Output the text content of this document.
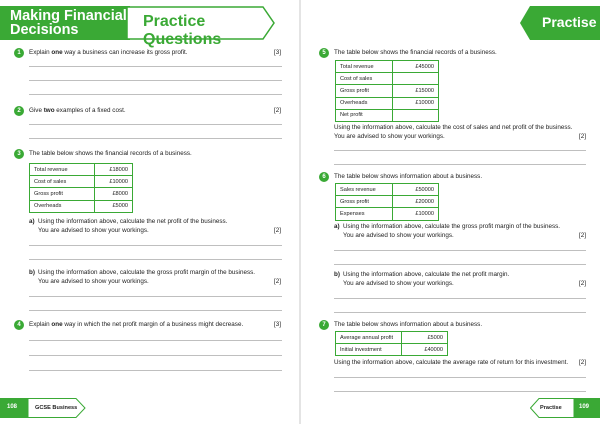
Making Financial
Decisions	Practice Questions
1	Explain one way a business can increase its gross profit.	[3]
2	Give two examples of a fixed cost.	[2]
3	The table below shows the financial records of a business.
Total revenue	£18000
Cost of sales	£10000
Gross profit	£8000
Overheads	£5000
a) Using the information above, calculate the net profit of the business.
You are advised to show your workings.	[2]
b) Using the information above, calculate the gross profit margin of the business.
You are advised to show your workings.	[2]
4	Explain one way in which the net profit margin of a business might decrease.	[3]
108	GCSE Business
Practise
5	The table below shows the financial records of a business.
Total revenue	£45000
Cost of sales	
Gross profit	£15000
Overheads	£10000
Net profit	
Using the information above, calculate the cost of sales and net profit of the business.
You are advised to show your workings.	[2]
6	The table below shows information about a business.
Sales revenue	£50000
Gross profit	£20000
Expenses	£10000
a) Using the information above, calculate the gross profit margin of the business.
You are advised to show your workings.	[2]
b) Using the information above, calculate the net profit margin.
You are advised to show your workings.	[2]
7	The table below shows information about a business.
Average annual profit	£5000
Initial investment	£40000
Using the information above, calculate the average rate of return for this investment. [2]
Practise	109
